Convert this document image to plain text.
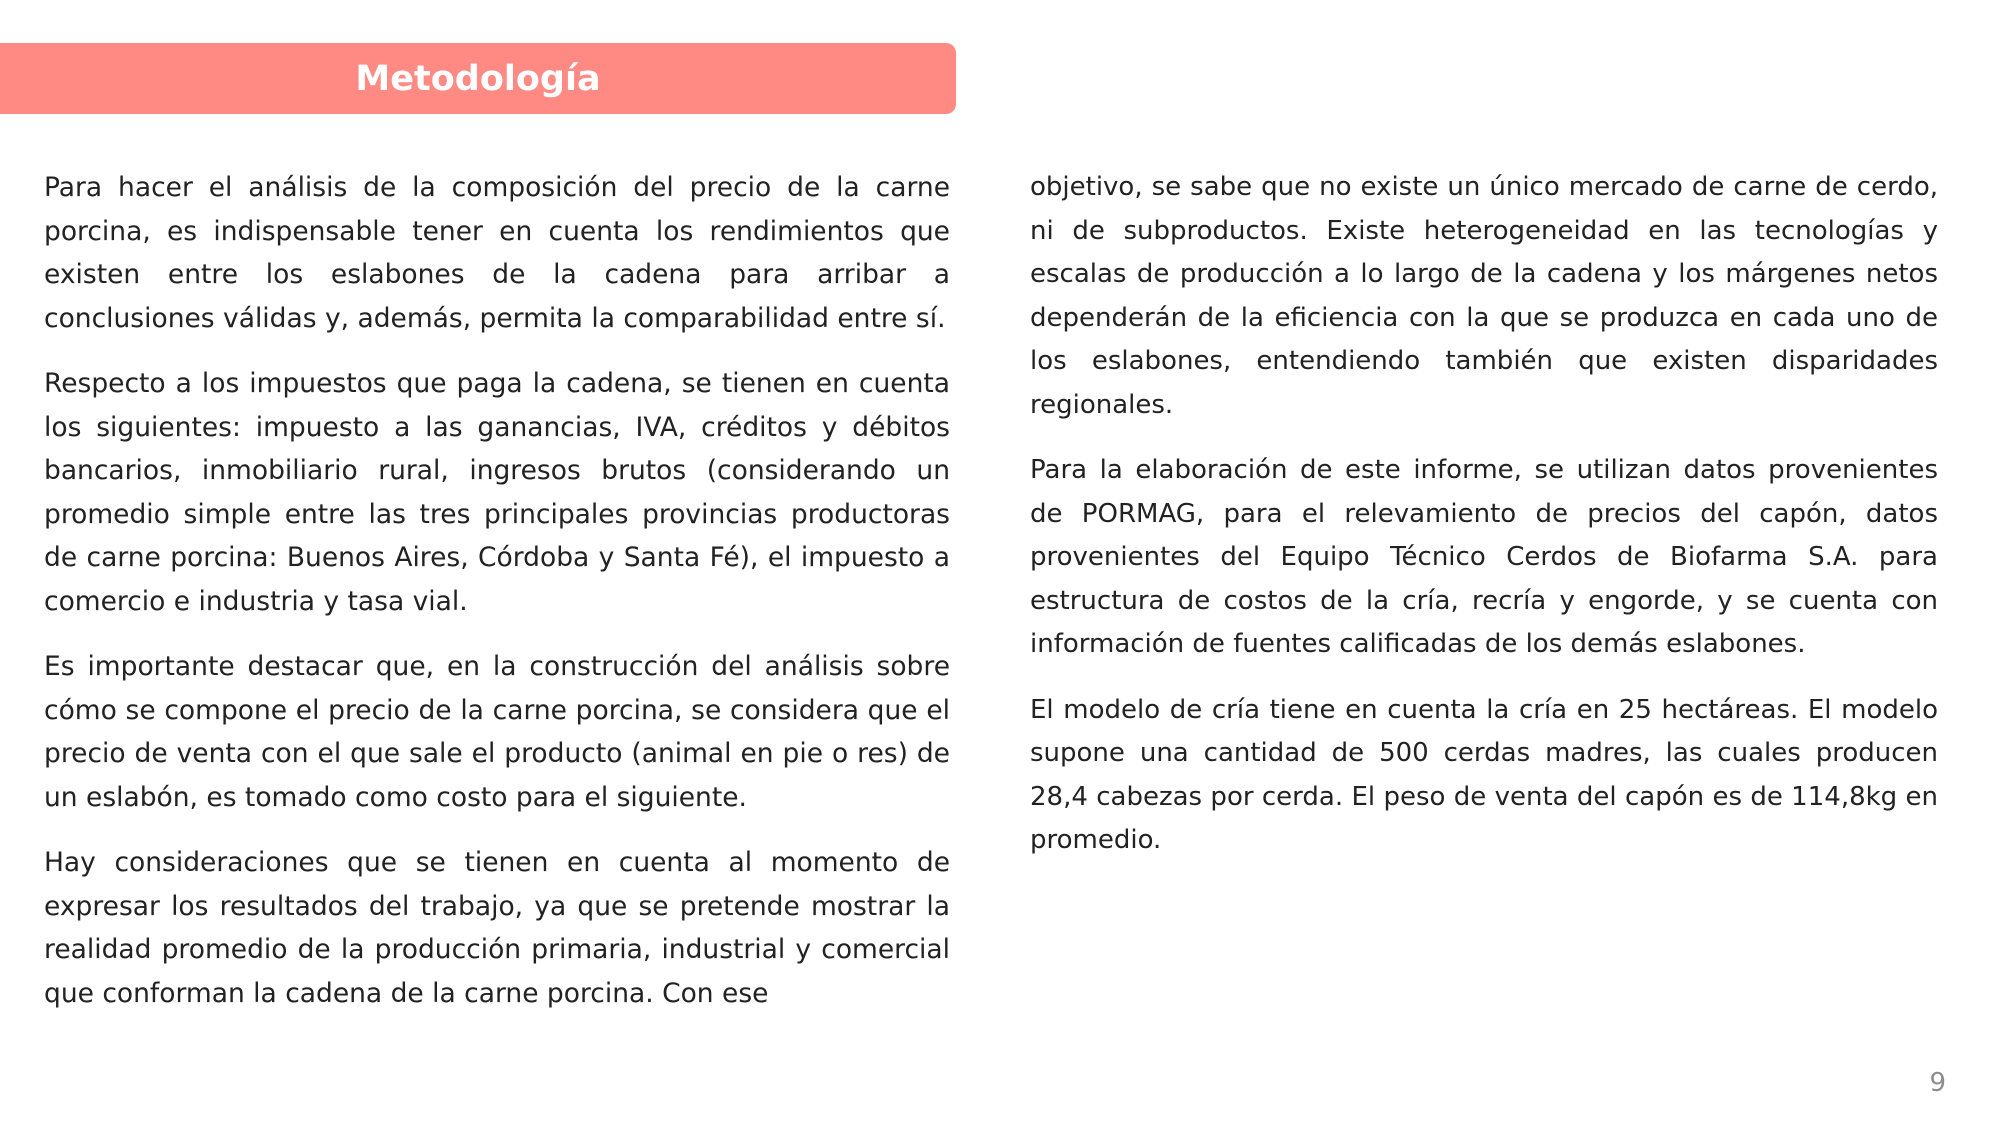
Metodología

Para hacer el análisis de la composición del precio de la carne porcina, es indispensable tener en cuenta los rendimientos que existen entre los eslabones de la cadena para arribar a conclusiones válidas y, además, permita la comparabilidad entre sí.

Respecto a los impuestos que paga la cadena, se tienen en cuenta los siguientes: impuesto a las ganancias, IVA, créditos y débitos bancarios, inmobiliario rural, ingresos brutos (considerando un promedio simple entre las tres principales provincias productoras de carne porcina: Buenos Aires, Córdoba y Santa Fé), el impuesto a comercio e industria y tasa vial.

Es importante destacar que, en la construcción del análisis sobre cómo se compone el precio de la carne porcina, se considera que el precio de venta con el que sale el producto (animal en pie o res) de un eslabón, es tomado como costo para el siguiente.

Hay consideraciones que se tienen en cuenta al momento de expresar los resultados del trabajo, ya que se pretende mostrar la realidad promedio de la producción primaria, industrial y comercial que conforman la cadena de la carne porcina. Con ese

objetivo, se sabe que no existe un único mercado de carne de cerdo, ni de subproductos. Existe heterogeneidad en las tecnologías y escalas de producción a lo largo de la cadena y los márgenes netos dependerán de la eficiencia con la que se produzca en cada uno de los eslabones, entendiendo también que existen disparidades regionales.

Para la elaboración de este informe, se utilizan datos provenientes de PORMAG, para el relevamiento de precios del capón, datos provenientes del Equipo Técnico Cerdos de Biofarma S.A. para estructura de costos de la cría, recría y engorde, y se cuenta con información de fuentes calificadas de los demás eslabones.

El modelo de cría tiene en cuenta la cría en 25 hectáreas. El modelo supone una cantidad de 500 cerdas madres, las cuales producen 28,4 cabezas por cerda. El peso de venta del capón es de 114,8kg en promedio.

9
